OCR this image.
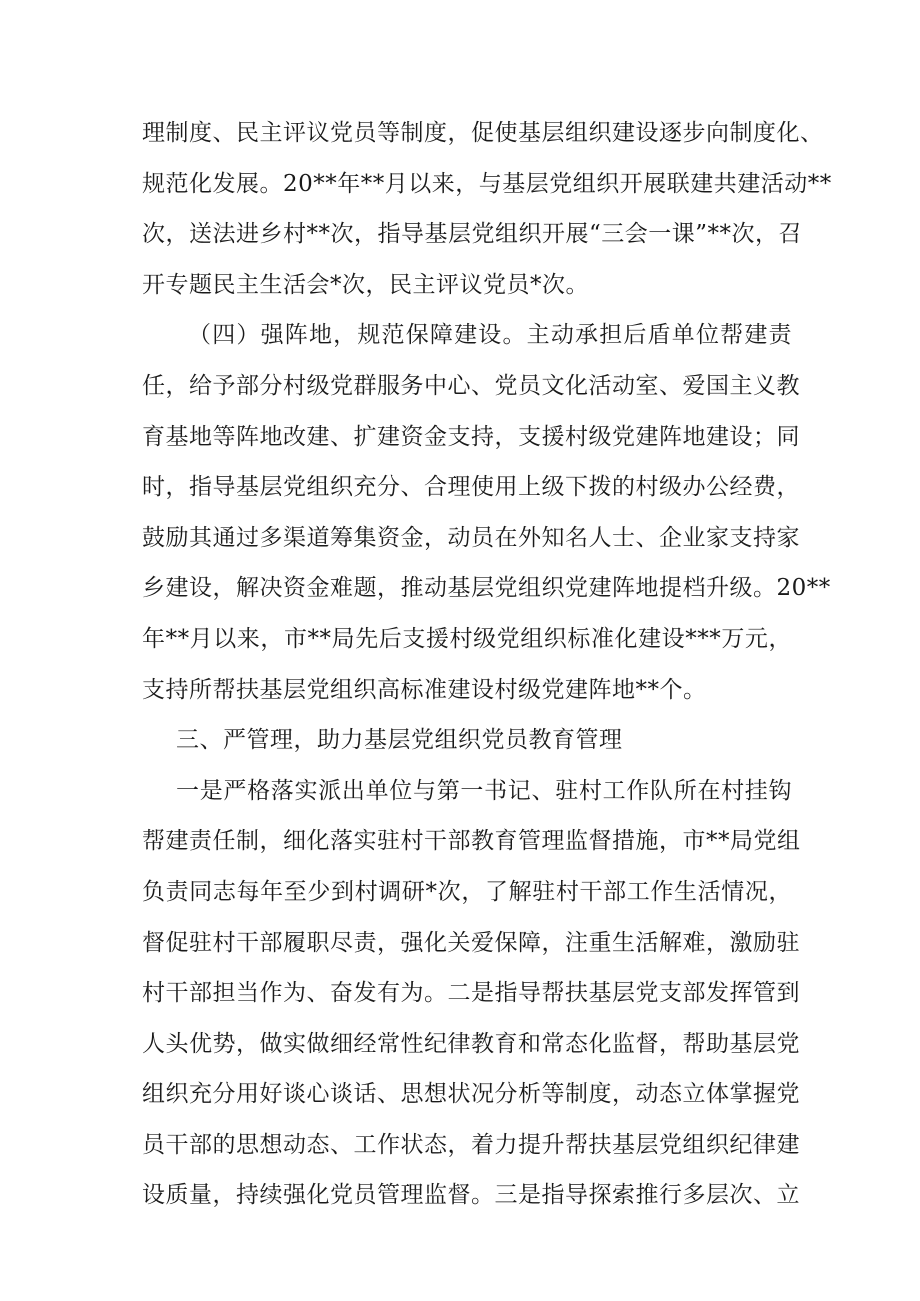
理制度、民主评议党员等制度，促使基层组织建设逐步向制度化、
规范化发展。20**年**月以来，与基层党组织开展联建共建活动**
次，送法进乡村**次，指导基层党组织开展“三会一课”**次，召
开专题民主生活会*次，民主评议党员*次。
（四）强阵地，规范保障建设。主动承担后盾单位帮建责
任，给予部分村级党群服务中心、党员文化活动室、爱国主义教
育基地等阵地改建、扩建资金支持，支援村级党建阵地建设；同
时，指导基层党组织充分、合理使用上级下拨的村级办公经费，
鼓励其通过多渠道筹集资金，动员在外知名人士、企业家支持家
乡建设，解决资金难题，推动基层党组织党建阵地提档升级。20**
年**月以来，市**局先后支援村级党组织标准化建设***万元，
支持所帮扶基层党组织高标准建设村级党建阵地**个。
三、严管理，助力基层党组织党员教育管理
一是严格落实派出单位与第一书记、驻村工作队所在村挂钩
帮建责任制，细化落实驻村干部教育管理监督措施，市**局党组
负责同志每年至少到村调研*次，了解驻村干部工作生活情况，
督促驻村干部履职尽责，强化关爱保障，注重生活解难，激励驻
村干部担当作为、奋发有为。二是指导帮扶基层党支部发挥管到
人头优势，做实做细经常性纪律教育和常态化监督，帮助基层党
组织充分用好谈心谈话、思想状况分析等制度，动态立体掌握党
员干部的思想动态、工作状态，着力提升帮扶基层党组织纪律建
设质量，持续强化党员管理监督。三是指导探索推行多层次、立
